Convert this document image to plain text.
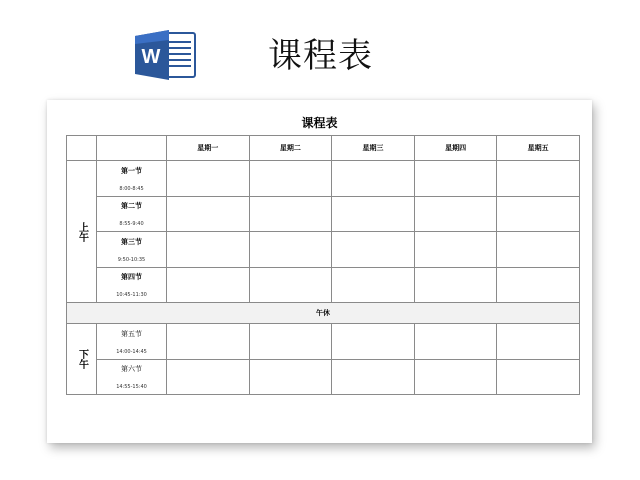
W	课程表
课程表
		星期一	星期二	星期三	星期四	星期五

上午	第一节
8:00-8:45					

	第二节
8:55-9:40					

	第三节
9:50-10:35					

	第四节
10:45-11:30					

午休						

下午	第五节
14:00-14:45					

	第六节
14:55-15:40					
